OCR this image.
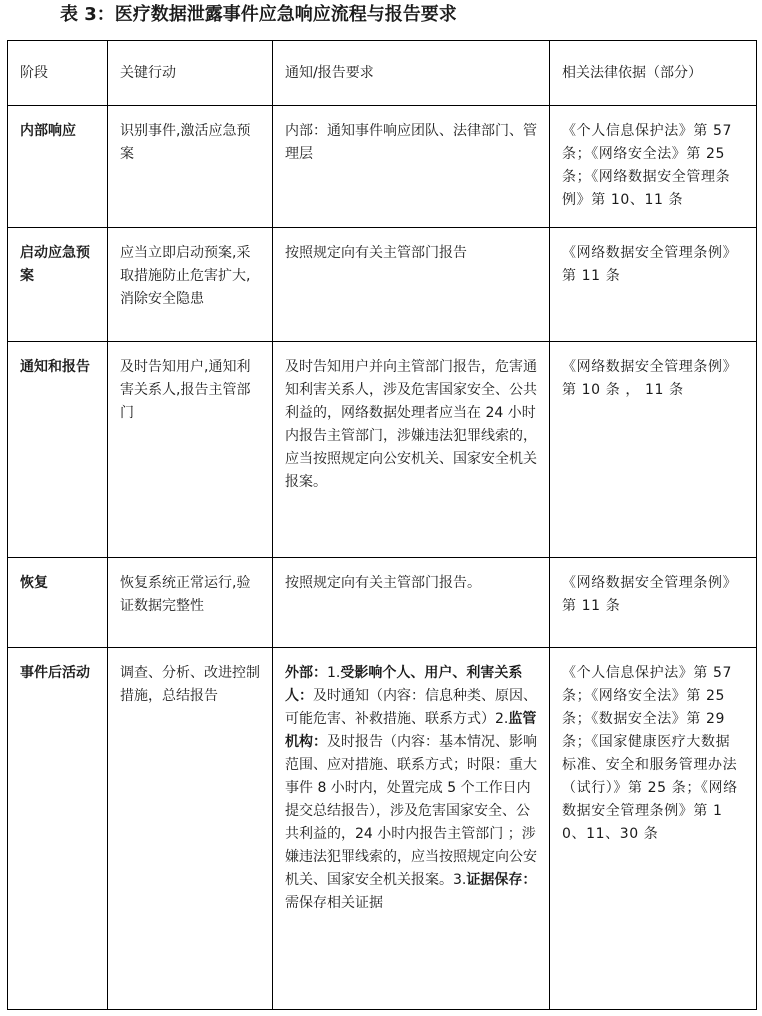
表 3：医疗数据泄露事件应急响应流程与报告要求
阶段	关键行动	通知/报告要求	相关法律依据（部分）
内部响应	识别事件,激活应急预案	内部：通知事件响应团队、法律部门、管理层	《个人信息保护法》第 57 条；《网络安全法》第 25 条；《网络数据安全管理条例》第 10、11 条
启动应急预案	应当立即启动预案,采取措施防止危害扩大,消除安全隐患	按照规定向有关主管部门报告	《网络数据安全管理条例》第 11 条
通知和报告	及时告知用户,通知利害关系人,报告主管部门	及时告知用户并向主管部门报告，危害通知利害关系人，涉及危害国家安全、公共利益的，网络数据处理者应当在 24 小时内报告主管部门，涉嫌违法犯罪线索的，应当按照规定向公安机关、国家安全机关报案。	《网络数据安全管理条例》第 10 条 ， 11 条
恢复	恢复系统正常运行,验证数据完整性	按照规定向有关主管部门报告。	《网络数据安全管理条例》第 11 条
事件后活动	调查、分析、改进控制措施，总结报告	外部：1.受影响个人、用户、利害关系人：及时通知（内容：信息种类、原因、可能危害、补救措施、联系方式）2.监管机构：及时报告（内容：基本情况、影响范围、应对措施、联系方式；时限：重大事件 8 小时内，处置完成 5 个工作日内提交总结报告），涉及危害国家安全、公共利益的，24 小时内报告主管部门 ；涉嫌违法犯罪线索的，应当按照规定向公安机关、国家安全机关报案。3.证据保存：需保存相关证据	《个人信息保护法》第 57 条；《网络安全法》第 25 条；《数据安全法》第 29 条；《国家健康医疗大数据标准、安全和服务管理办法（试行）》第 25 条；《网络数据安全管理条例》第 10、11、30 条
